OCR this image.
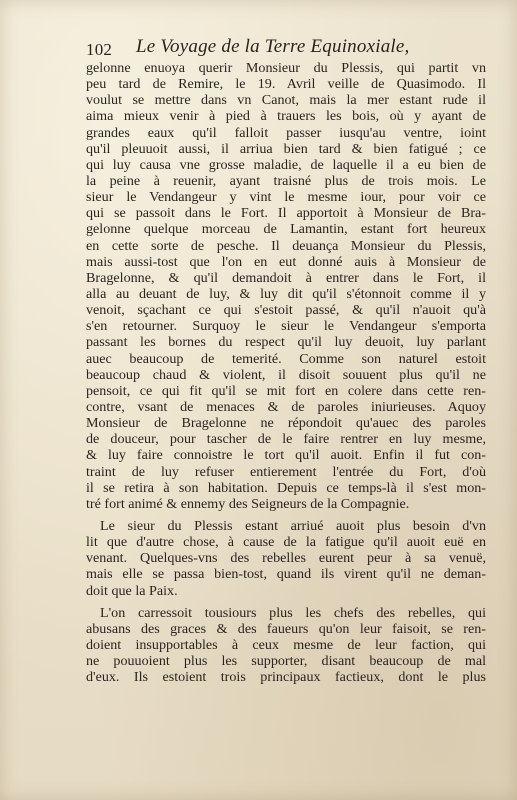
102 Le Voyage de la Terre Equinoxiale,
gelonne enuoya querir Monsieur du Plessis, qui partit vn
peu tard de Remire, le 19. Avril veille de Quasimodo. Il
voulut se mettre dans vn Canot, mais la mer estant rude il
aima mieux venir à pied à trauers les bois, où y ayant de
grandes eaux qu'il falloit passer iusqu'au ventre, ioint
qu'il pleuuoit aussi, il arriua bien tard & bien fatigué ; ce
qui luy causa vne grosse maladie, de laquelle il a eu bien de
la peine à reuenir, ayant traisné plus de trois mois. Le
sieur le Vendangeur y vint le mesme iour, pour voir ce
qui se passoit dans le Fort. Il apportoit à Monsieur de Bra-
gelonne quelque morceau de Lamantin, estant fort heureux
en cette sorte de pesche. Il deuança Monsieur du Plessis,
mais aussi-tost que l'on en eut donné auis à Monsieur de
Bragelonne, & qu'il demandoit à entrer dans le Fort, il
alla au deuant de luy, & luy dit qu'il s'étonnoit comme il y
venoit, sçachant ce qui s'estoit passé, & qu'il n'auoit qu'à
s'en retourner. Surquoy le sieur le Vendangeur s'emporta
passant les bornes du respect qu'il luy deuoit, luy parlant
auec beaucoup de temerité. Comme son naturel estoit
beaucoup chaud & violent, il disoit souuent plus qu'il ne
pensoit, ce qui fit qu'il se mit fort en colere dans cette ren-
contre, vsant de menaces & de paroles iniurieuses. Aquoy
Monsieur de Bragelonne ne répondoit qu'auec des paroles
de douceur, pour tascher de le faire rentrer en luy mesme,
& luy faire connoistre le tort qu'il auoit. Enfin il fut con-
traint de luy refuser entierement l'entrée du Fort, d'où
il se retira à son habitation. Depuis ce temps-là il s'est mon-
tré fort animé & ennemy des Seigneurs de la Compagnie.
Le sieur du Plessis estant arriué auoit plus besoin d'vn
lit que d'autre chose, à cause de la fatigue qu'il auoit euë en
venant. Quelques-vns des rebelles eurent peur à sa venuë,
mais elle se passa bien-tost, quand ils virent qu'il ne deman-
doit que la Paix.
L'on carressoit tousiours plus les chefs des rebelles, qui
abusans des graces & des faueurs qu'on leur faisoit, se ren-
doient insupportables à ceux mesme de leur faction, qui
ne pouuoient plus les supporter, disant beaucoup de mal
d'eux. Ils estoient trois principaux factieux, dont le plus
